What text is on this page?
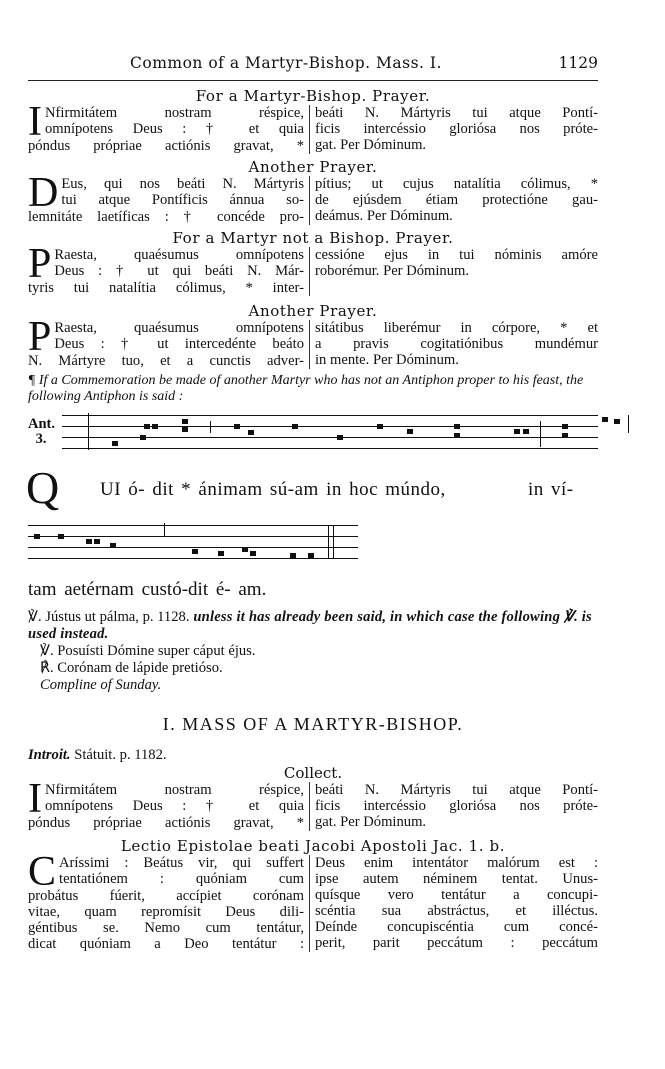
Common of a Martyr-Bishop. Mass. I.	1129
For a Martyr-Bishop. Prayer.
I Nfirmitátem nostram réspice,
omnípotens Deus : † et quia
póndus própriae actiónis gravat, *
beáti N. Mártyris tui atque Pontí-
ficis intercéssio gloriósa nos próte-
gat. Per Dóminum.
Another Prayer.
D Eus, qui nos beáti N. Mártyris
tui atque Pontíficis ánnua so-
lemnitáte laetíficas : † concéde pro-
pítius; ut cujus natalítia cólimus, *
de ejúsdem étiam protectióne gau-
deámus. Per Dóminum.
For a Martyr not a Bishop. Prayer.
P Raesta, quaésumus omnípotens
Deus : † ut qui beáti N. Már-
tyris tui natalítia cólimus, * inter-
cessióne ejus in tui nóminis amóre
roborémur. Per Dóminum.
Another Prayer.
P Raesta, quaésumus omnípotens
Deus : † ut intercedénte beáto
N. Mártyre tuo, et a cunctis adver-
sitátibus liberémur in córpore, * et
a pravis cogitatiónibus mundémur
in mente. Per Dóminum.
¶ If a Commemoration be made of another Martyr who has not an Antiphon proper to his feast, the following Antiphon is said :
Ant.
3.
Q UI ó- dit * ánimam sú-am in hoc múndo,	in ví-
tam aetérnam custó-dit é- am.
℣. Jústus ut pálma, p. 1128. unless it has already been said, in which case the following ℣. is used instead.
℣. Posuísti Dómine super cáput éjus.
℟. Corónam de lápide pretióso.
Compline of Sunday.
I. MASS OF A MARTYR-BISHOP.
Introit. Státuit. p. 1182.
Collect.
I Nfirmitátem nostram réspice,
omnípotens Deus : † et quia
póndus própriae actiónis gravat, *
beáti N. Mártyris tui atque Pontí-
ficis intercéssio gloriósa nos próte-
gat. Per Dóminum.
Lectio Epistolae beati Jacobi Apostoli Jac. 1. b.
C Aríssimi : Beátus vir, qui suffert
tentatiónem : quóniam cum
probátus fúerit, accípiet corónam
vitae, quam repromísit Deus dili-
géntibus se. Nemo cum tentátur,
dicat quóniam a Deo tentátur :
Deus enim intentátor malórum est :
ipse autem néminem tentat. Unus-
quísque vero tentátur a concupi-
scéntia sua abstráctus, et illéctus.
Deínde concupiscéntia cum concé-
perit, parit peccátum : peccátum
